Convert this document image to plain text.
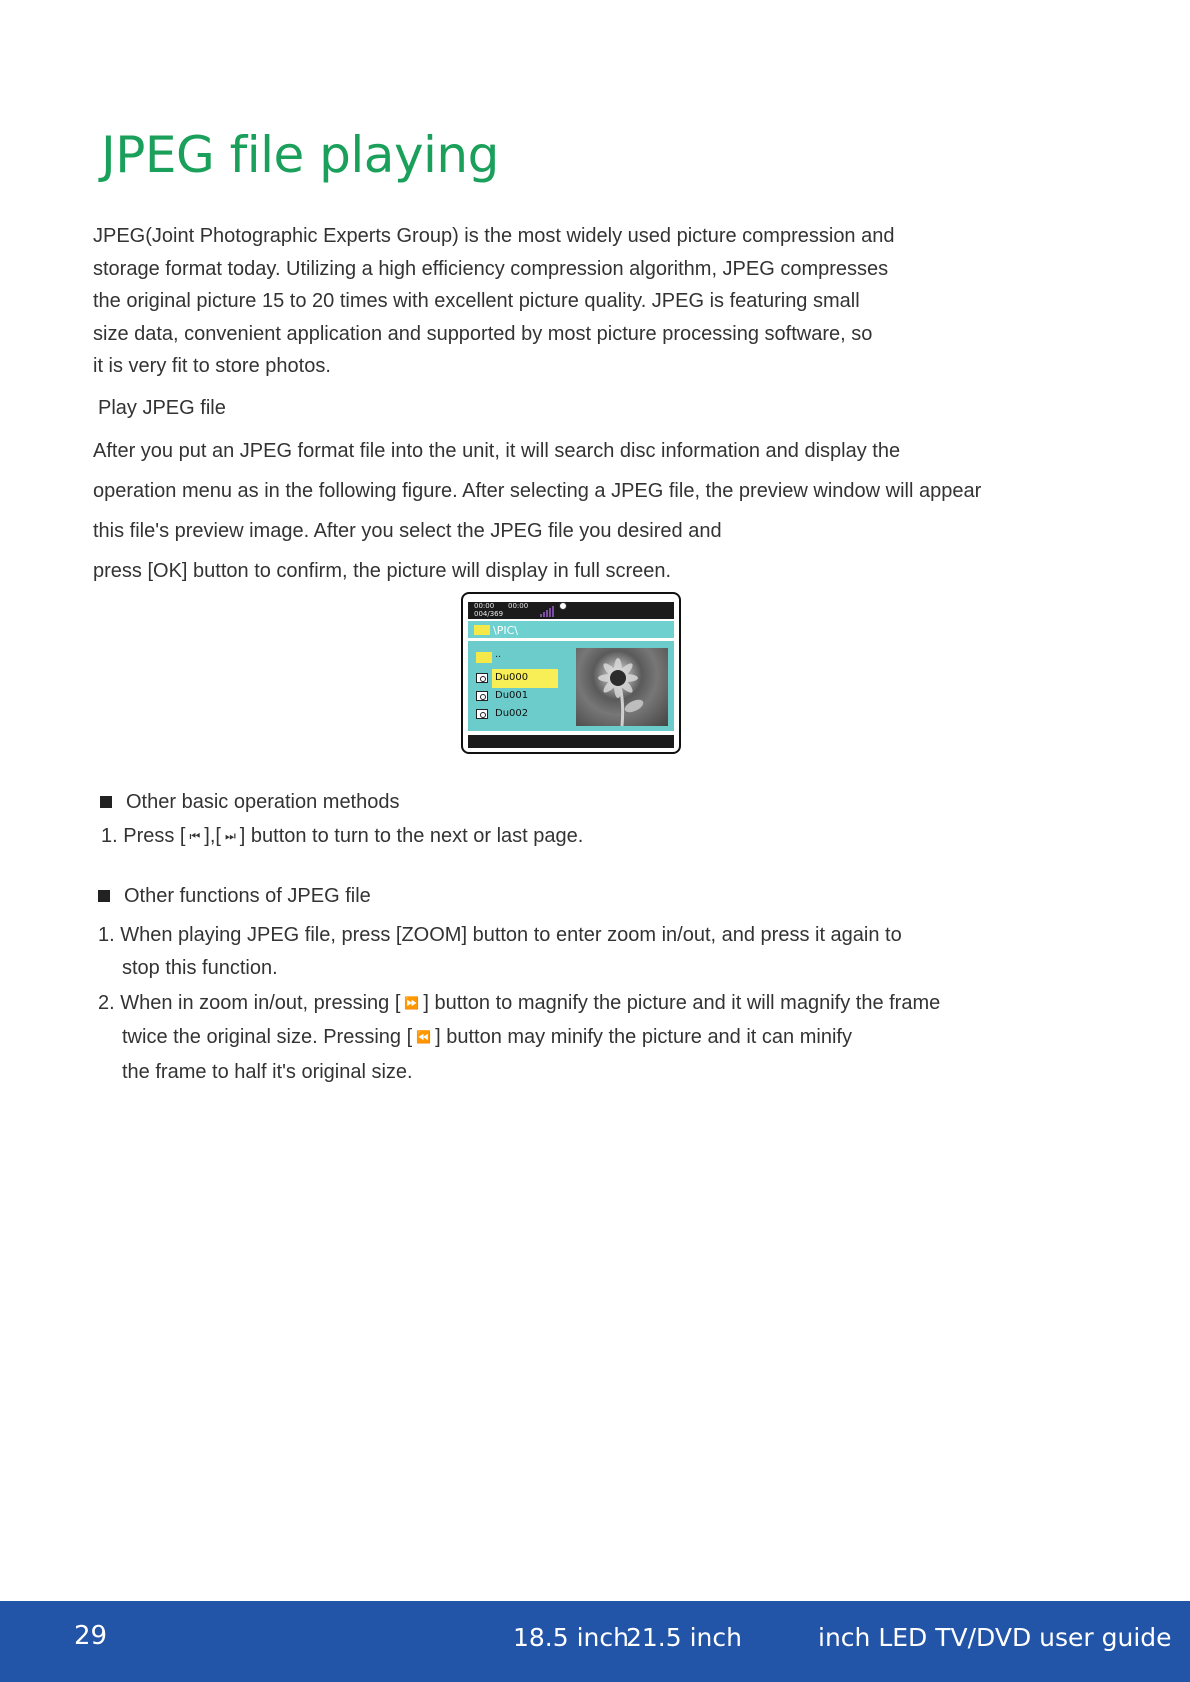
JPEG file playing
JPEG(Joint Photographic Experts Group) is the most widely used picture compression and
storage format today. Utilizing a high efficiency compression algorithm, JPEG compresses
the original picture 15 to 20 times with excellent picture quality. JPEG is featuring small
size data, convenient application and supported by most picture processing software, so
it is very fit to store photos.
Play JPEG file
After you put an JPEG format file into the unit, it will search disc information and display the
operation menu as in the following figure. After selecting a JPEG file, the preview window will appear
this file's preview image. After you select the JPEG file you desired and
press [OK] button to confirm, the picture will display in full screen.
00:00 00:00
004/369
\PIC\
..
Du000
Du001
Du002
Other basic operation methods
1. Press [ ⏮ ],[ ⏭ ] button to turn to the next or last page.
Other functions of JPEG file
1. When playing JPEG file, press [ZOOM] button to enter zoom in/out, and press it again to
stop this function.
2. When in zoom in/out, pressing [ ⏩ ] button to magnify the picture and it will magnify the frame
twice the original size. Pressing [ ⏪ ] button may minify the picture and it can minify
the frame to half it's original size.
29	18.5 inch
21.5 inch	inch LED TV/DVD user guide
